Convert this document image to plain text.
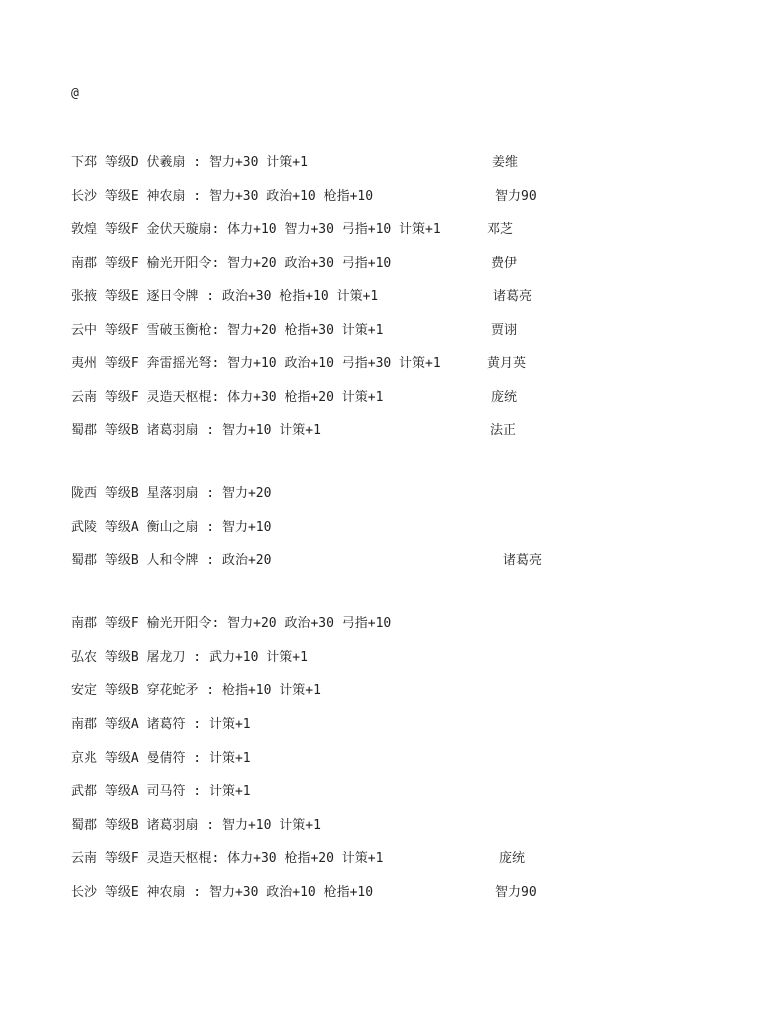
@
下邳 等级D 伏羲扇 : 智力+30 计策+1	姜维
长沙 等级E 神农扇 : 智力+30 政治+10 枪指+10	智力90
敦煌 等级F 金伏天璇扇: 体力+10 智力+30 弓指+10 计策+1	邓芝
南郡 等级F 榆光开阳令: 智力+20 政治+30 弓指+10	费伊
张掖 等级E 逐日令牌 : 政治+30 枪指+10 计策+1	诸葛亮
云中 等级F 雪破玉衡枪: 智力+20 枪指+30 计策+1	贾诩
夷州 等级F 奔雷摇光弩: 智力+10 政治+10 弓指+30 计策+1	黄月英
云南 等级F 灵造天枢棍: 体力+30 枪指+20 计策+1	庞统
蜀郡 等级B 诸葛羽扇 : 智力+10 计策+1	法正
陇西 等级B 星落羽扇 : 智力+20
武陵 等级A 衡山之扇 : 智力+10
蜀郡 等级B 人和令牌 : 政治+20	诸葛亮
南郡 等级F 榆光开阳令: 智力+20 政治+30 弓指+10
弘农 等级B 屠龙刀 : 武力+10 计策+1
安定 等级B 穿花蛇矛 : 枪指+10 计策+1
南郡 等级A 诸葛符 : 计策+1
京兆 等级A 曼倩符 : 计策+1
武都 等级A 司马符 : 计策+1
蜀郡 等级B 诸葛羽扇 : 智力+10 计策+1
云南 等级F 灵造天枢棍: 体力+30 枪指+20 计策+1	庞统
长沙 等级E 神农扇 : 智力+30 政治+10 枪指+10	智力90
